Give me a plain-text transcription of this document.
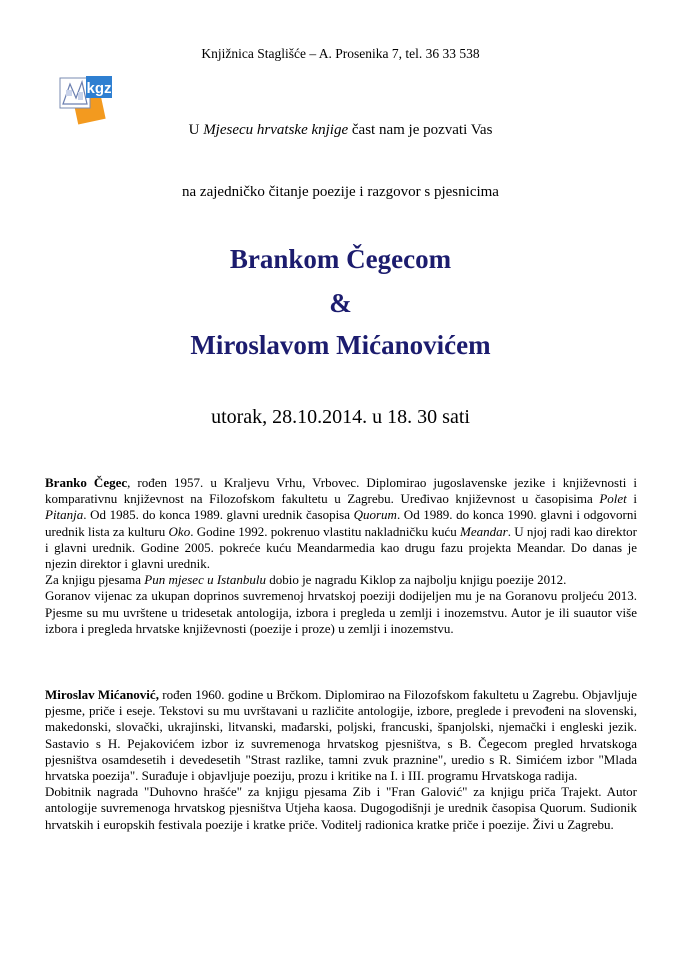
Knjižnica Staglišće – A. Prosenika 7, tel. 36 33 538
kgz
U Mjesecu hrvatske knjige čast nam je pozvati Vas
na zajedničko čitanje poezije i razgovor s pjesnicima
Brankom Čegecom
&
Miroslavom Mićanovićem
utorak, 28.10.2014. u 18. 30 sati

Branko Čegec, rođen 1957. u Kraljevu Vrhu, Vrbovec. Diplomirao jugoslavenske jezike i književnosti i komparativnu književnost na Filozofskom fakultetu u Zagrebu. Uređivao književnost u časopisima Polet i Pitanja. Od 1985. do konca 1989. glavni urednik časopisa Quorum. Od 1989. do konca 1990. glavni i odgovorni urednik lista za kulturu Oko. Godine 1992. pokrenuo vlastitu nakladničku kuću Meandar. U njoj radi kao direktor i glavni urednik. Godine 2005. pokreće kuću Meandarmedia kao drugu fazu projekta Meandar. Do danas je njezin direktor i glavni urednik.

Za knjigu pjesama Pun mjesec u Istanbulu dobio je nagradu Kiklop za najbolju knjigu poezije 2012.

Goranov vijenac za ukupan doprinos suvremenoj hrvatskoj poeziji dodijeljen mu je na Goranovu proljeću 2013. Pjesme su mu uvrštene u tridesetak antologija, izbora i pregleda u zemlji i inozemstvu. Autor je ili suautor više izbora i pregleda hrvatske književnosti (poezije i proze) u zemlji i inozemstvu.

Miroslav Mićanović, rođen 1960. godine u Brčkom. Diplomirao na Filozofskom fakultetu u Zagrebu. Objavljuje pjesme, priče i eseje. Tekstovi su mu uvrštavani u različite antologije, izbore, preglede i prevođeni na slovenski, makedonski, slovački, ukrajinski, litvanski, mađarski, poljski, francuski, španjolski, njemački i engleski jezik. Sastavio s H. Pejakovićem izbor iz suvremenoga hrvatskog pjesništva, s B. Čegecom pregled hrvatskoga pjesništva osamdesetih i devedesetih "Strast razlike, tamni zvuk praznine", uredio s R. Simićem izbor "Mlada hrvatska poezija". Surađuje i objavljuje poeziju, prozu i kritike na I. i III. programu Hrvatskoga radija.

Dobitnik nagrada "Duhovno hrašće" za knjigu pjesama Zib i "Fran Galović" za knjigu priča Trajekt. Autor antologije suvremenoga hrvatskog pjesništva Utjeha kaosa. Dugogodišnji je urednik časopisa Quorum. Sudionik hrvatskih i europskih festivala poezije i kratke priče. Voditelj radionica kratke priče i poezije. Živi u Zagrebu.
